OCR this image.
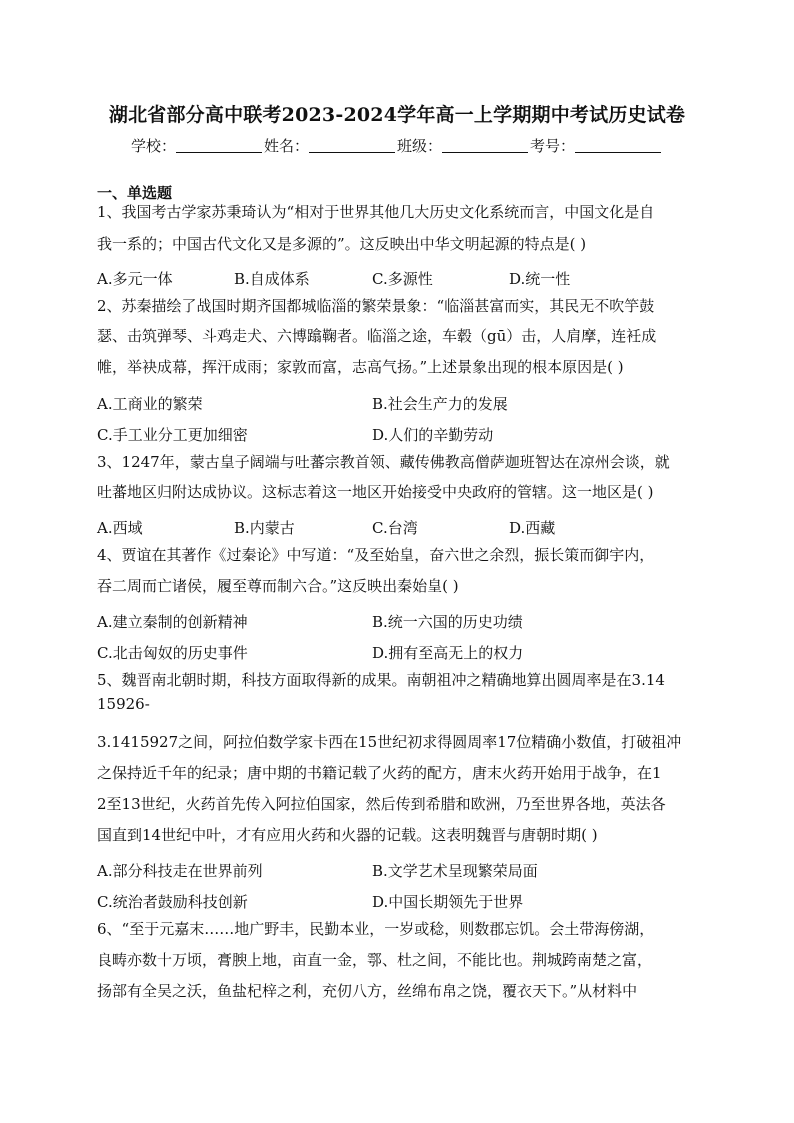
湖北省部分高中联考2023-2024学年高一上学期期中考试历史试卷
学校：	姓名：	班级：	考号：
一、单选题
1、我国考古学家苏秉琦认为“相对于世界其他几大历史文化系统而言，中国文化是自
我一系的；中国古代文化又是多源的”。这反映出中华文明起源的特点是( )
A.多元一体	B.自成体系	C.多源性	D.统一性
2、苏秦描绘了战国时期齐国都城临淄的繁荣景象：“临淄甚富而实，其民无不吹竽鼓
瑟、击筑弹琴、斗鸡走犬、六博蹹鞠者。临淄之途，车毂（gū）击，人肩摩，连衽成
帷，举袂成幕，挥汗成雨；家敦而富，志高气扬。”上述景象出现的根本原因是( )
A.工商业的繁荣	B.社会生产力的发展
C.手工业分工更加细密	D.人们的辛勤劳动
3、1247年，蒙古皇子阔端与吐蕃宗教首领、藏传佛教高僧萨迦班智达在凉州会谈，就
吐蕃地区归附达成协议。这标志着这一地区开始接受中央政府的管辖。这一地区是( )
A.西域	B.内蒙古	C.台湾	D.西藏
4、贾谊在其著作《过秦论》中写道：“及至始皇，奋六世之余烈，振长策而御宇内，
吞二周而亡诸侯，履至尊而制六合。”这反映出秦始皇( )
A.建立秦制的创新精神	B.统一六国的历史功绩
C.北击匈奴的历史事件	D.拥有至高无上的权力
5、魏晋南北朝时期，科技方面取得新的成果。南朝祖冲之精确地算出圆周率是在3.14
15926-
3.1415927之间，阿拉伯数学家卡西在15世纪初求得圆周率17位精确小数值，打破祖冲
之保持近千年的纪录；唐中期的书籍记载了火药的配方，唐末火药开始用于战争，在1
2至13世纪，火药首先传入阿拉伯国家，然后传到希腊和欧洲，乃至世界各地，英法各
国直到14世纪中叶，才有应用火药和火器的记载。这表明魏晋与唐朝时期( )
A.部分科技走在世界前列	B.文学艺术呈现繁荣局面
C.统治者鼓励科技创新	D.中国长期领先于世界
6、“至于元嘉末……地广野丰，民勤本业，一岁或稔，则数郡忘饥。会土带海傍湖，
良畴亦数十万顷，膏腴上地，亩直一金，鄠、杜之间，不能比也。荆城跨南楚之富，
扬部有全吴之沃，鱼盐杞梓之利，充仞八方，丝绵布帛之饶，覆衣天下。”从材料中
